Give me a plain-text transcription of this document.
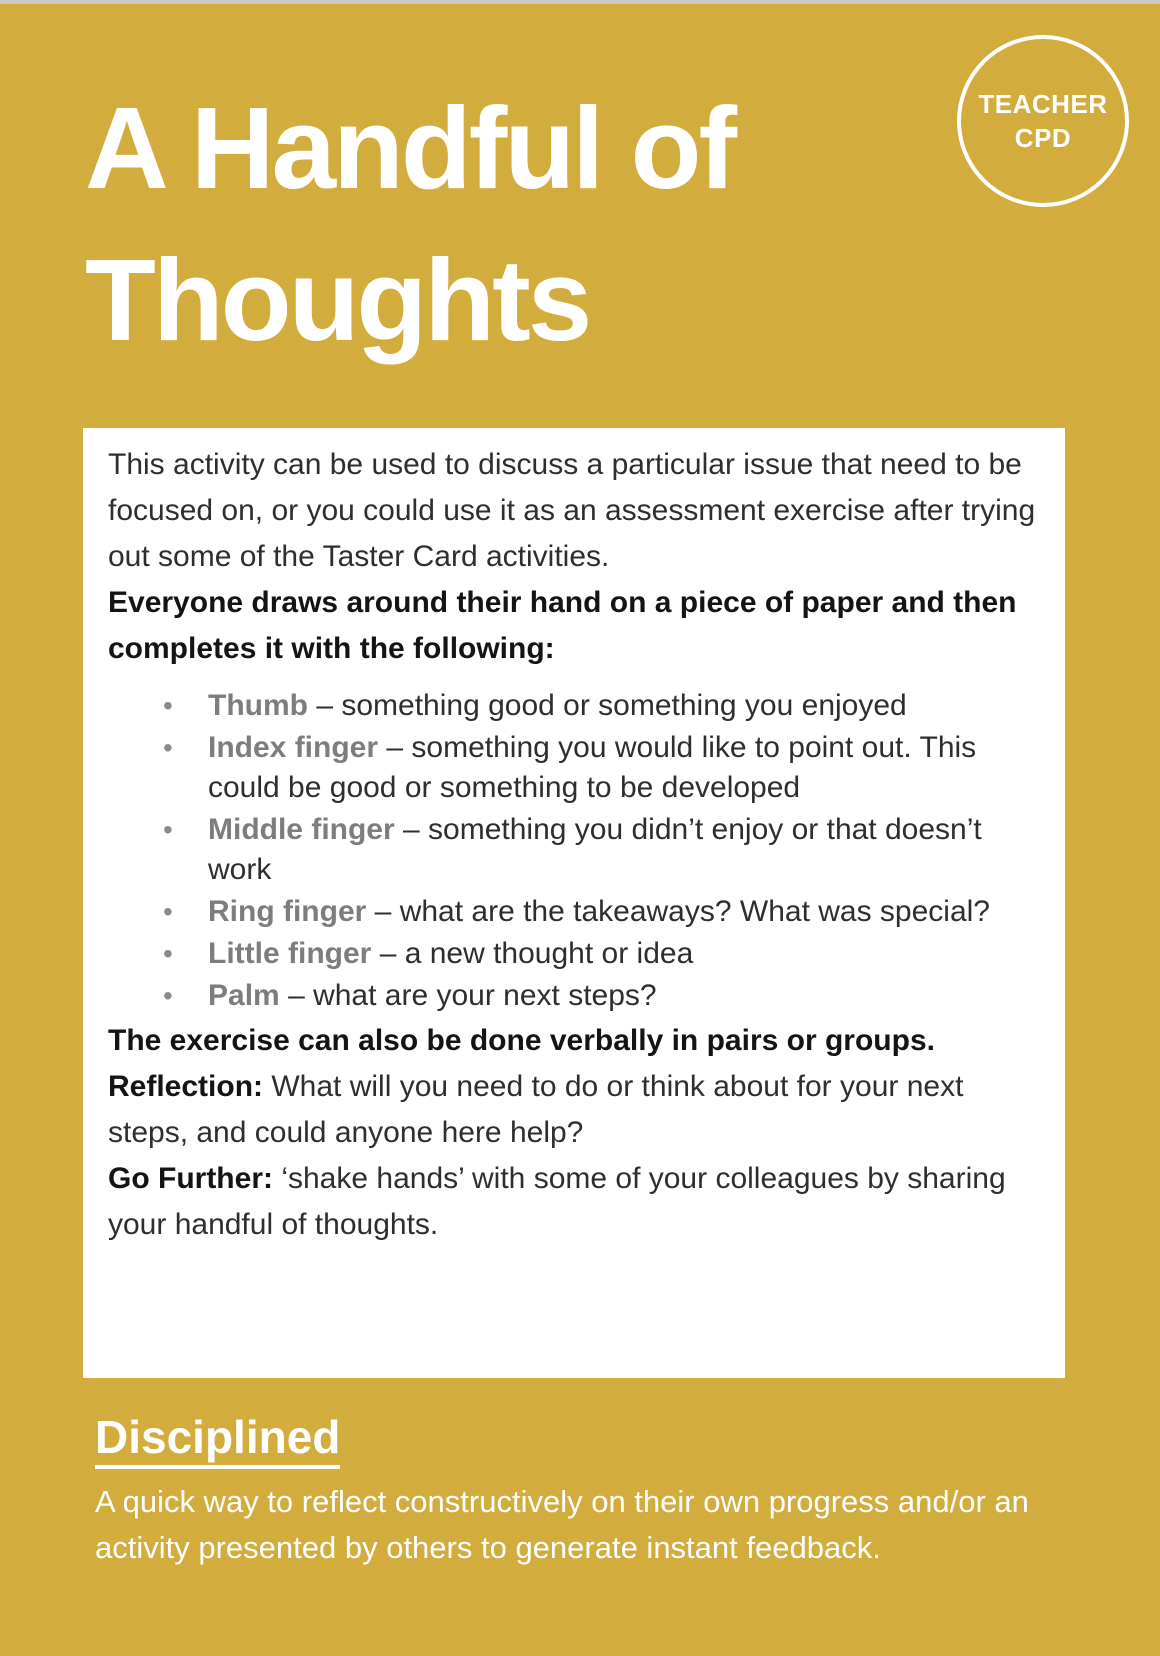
A Handful of
Thoughts
TEACHER
CPD

This activity can be used to discuss a particular issue that need to be focused on, or you could use it as an assessment exercise after trying out some of the Taster Card activities.

Everyone draws around their hand on a piece of paper and then completes it with the following:

•	Thumb – something good or something you enjoyed
•	Index finger – something you would like to point out. This could be good or something to be developed
•	Middle finger – something you didn’t enjoy or that doesn’t work
•	Ring finger – what are the takeaways? What was special?
•	Little finger – a new thought or idea
•	Palm – what are your next steps?

The exercise can also be done verbally in pairs or groups.

Reflection: What will you need to do or think about for your next steps, and could anyone here help?

Go Further: ‘shake hands’ with some of your colleagues by sharing your handful of thoughts.

Disciplined

A quick way to reflect constructively on their own progress and/or an activity presented by others to generate instant feedback.
